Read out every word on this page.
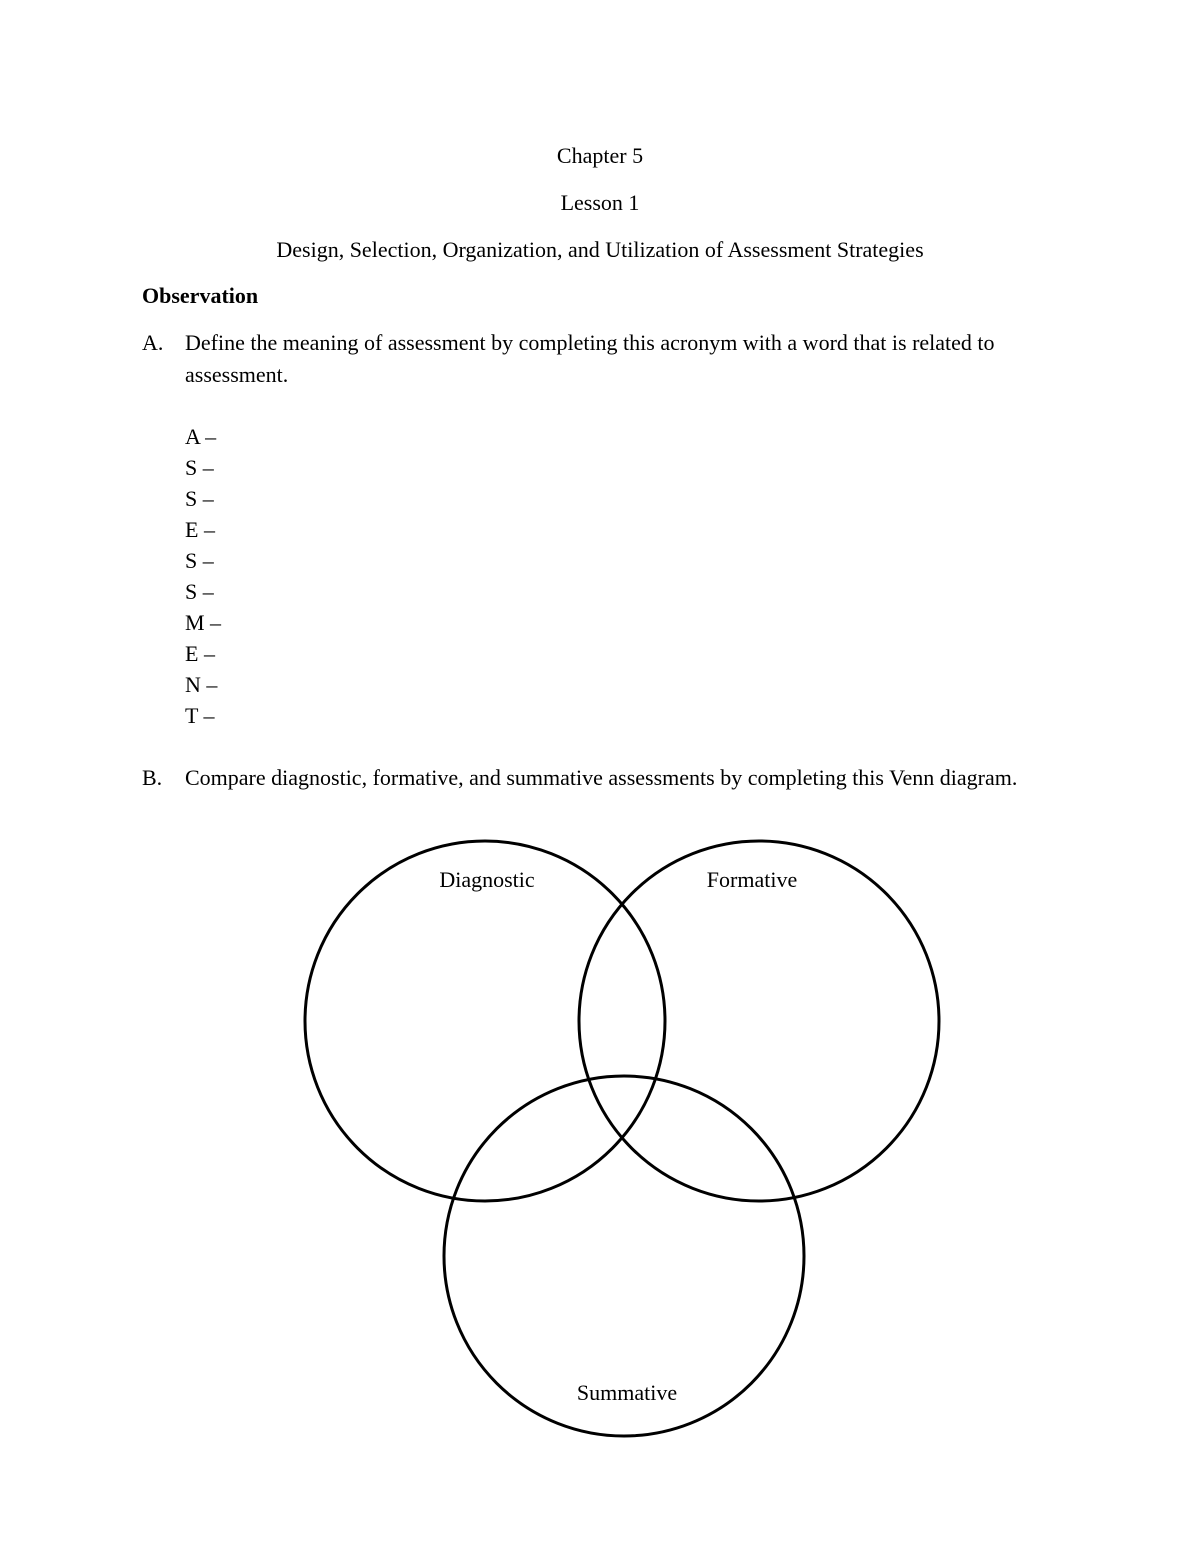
Chapter 5
Lesson 1
Design, Selection, Organization, and Utilization of Assessment Strategies
Observation
A. Define the meaning of assessment by completing this acronym with a word that is related to assessment.
A –
S –
S –
E –
S –
S –
M –
E –
N –
T –
B. Compare diagnostic, formative, and summative assessments by completing this Venn diagram.
Diagnostic	Formative
Summative
